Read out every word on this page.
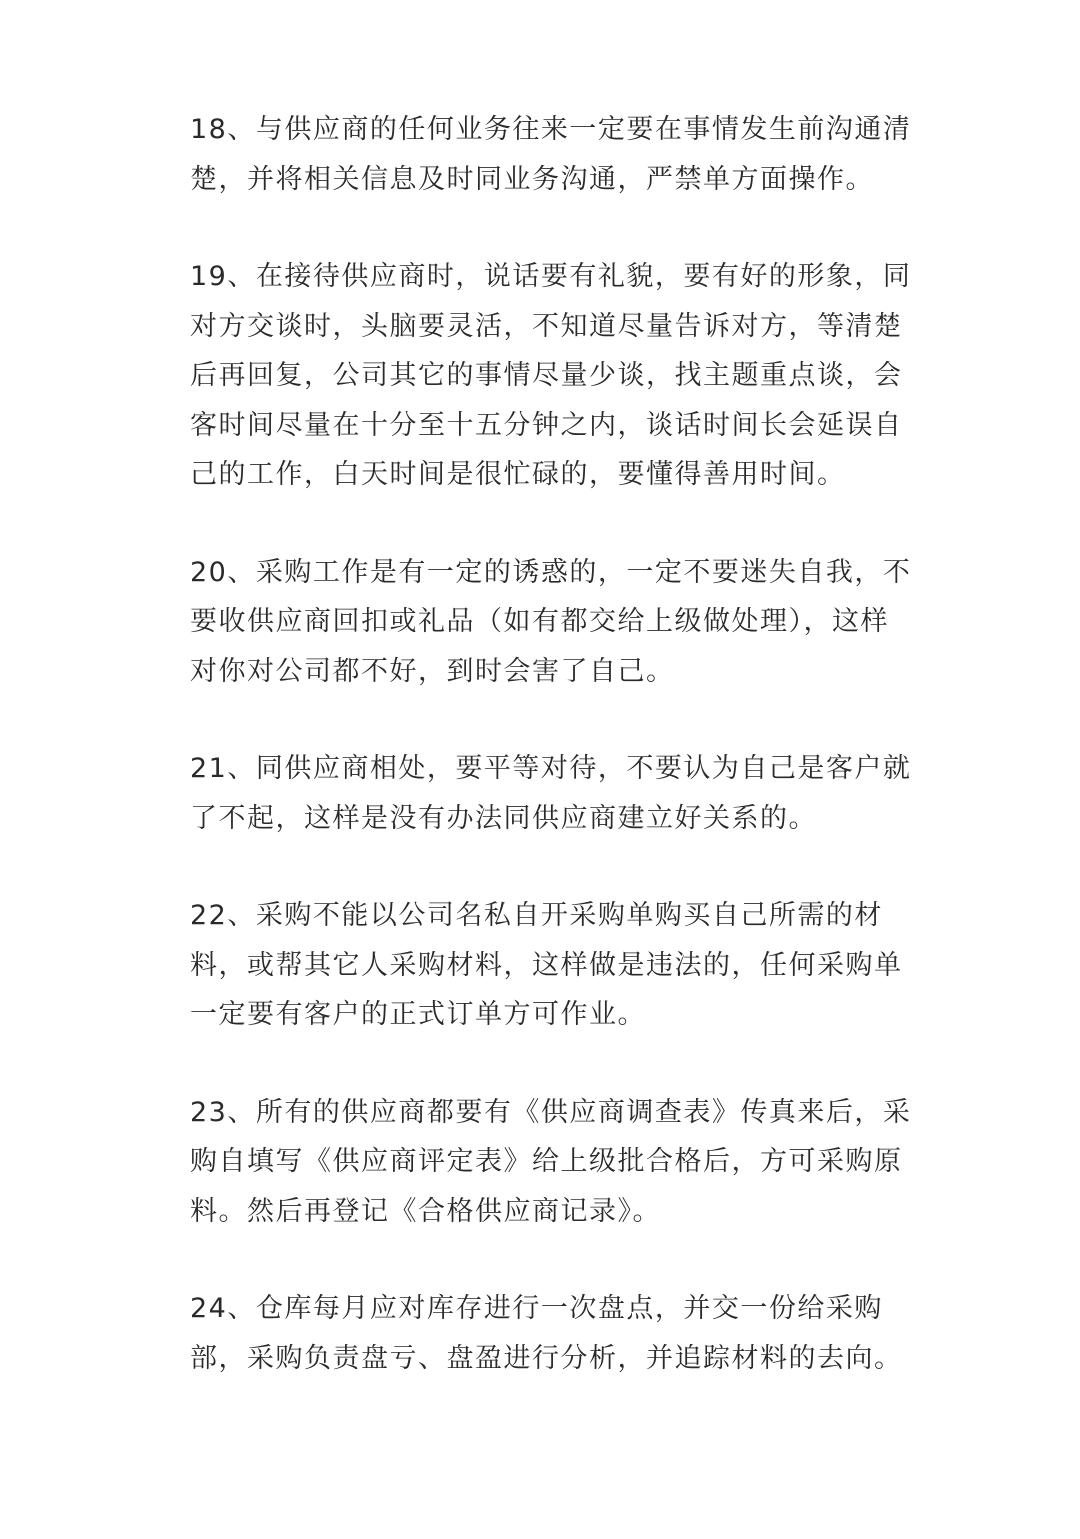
18、与供应商的任何业务往来一定要在事情发生前沟通清
楚，并将相关信息及时同业务沟通，严禁单方面操作。
19、在接待供应商时，说话要有礼貌，要有好的形象，同
对方交谈时，头脑要灵活，不知道尽量告诉对方，等清楚
后再回复，公司其它的事情尽量少谈，找主题重点谈，会
客时间尽量在十分至十五分钟之内，谈话时间长会延误自
己的工作，白天时间是很忙碌的，要懂得善用时间。
20、采购工作是有一定的诱惑的，一定不要迷失自我，不
要收供应商回扣或礼品（如有都交给上级做处理），这样
对你对公司都不好，到时会害了自己。
21、同供应商相处，要平等对待，不要认为自己是客户就
了不起，这样是没有办法同供应商建立好关系的。
22、采购不能以公司名私自开采购单购买自己所需的材
料，或帮其它人采购材料，这样做是违法的，任何采购单
一定要有客户的正式订单方可作业。
23、所有的供应商都要有《供应商调查表》传真来后，采
购自填写《供应商评定表》给上级批合格后，方可采购原
料。然后再登记《合格供应商记录》。
24、仓库每月应对库存进行一次盘点，并交一份给采购
部，采购负责盘亏、盘盈进行分析，并追踪材料的去向。
